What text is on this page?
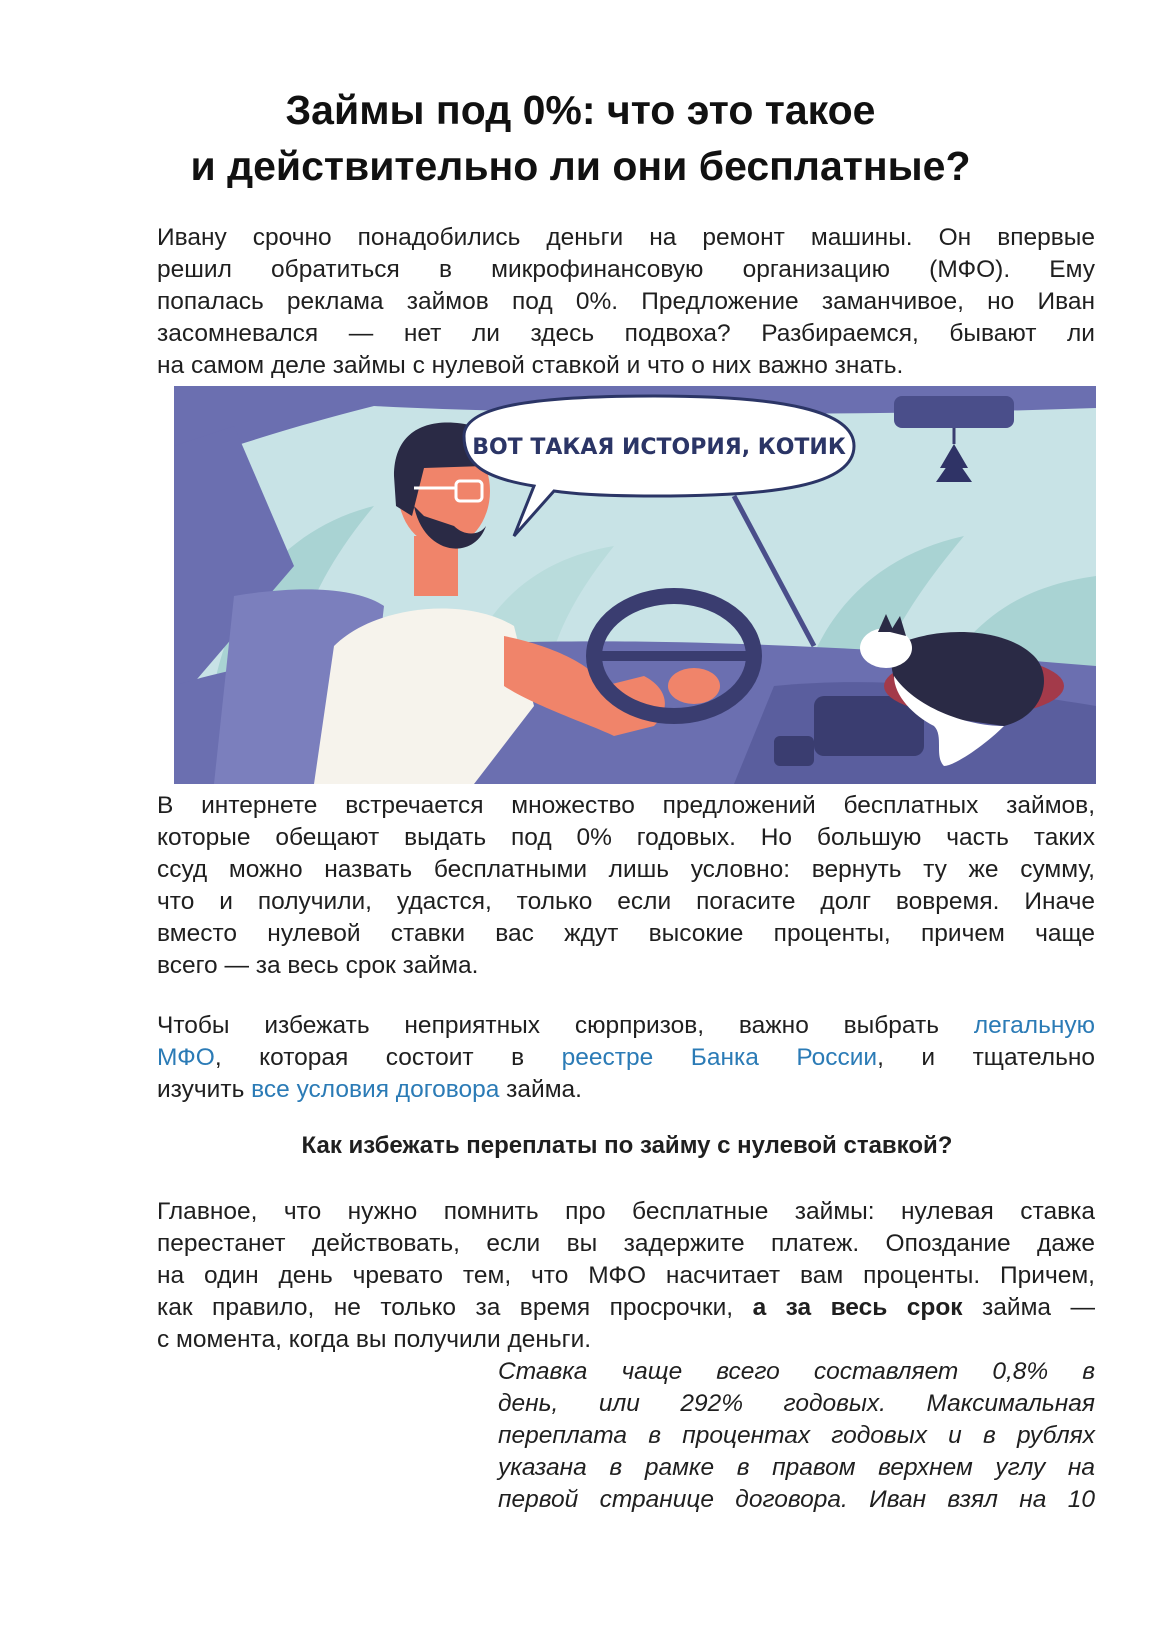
Займы под 0%: что это такое
и действительно ли они бесплатные?
Ивану срочно понадобились деньги на ремонт машины. Он впервые
решил обратиться в микрофинансовую организацию (МФО). Ему
попалась реклама займов под 0%. Предложение заманчивое, но Иван
засомневался — нет ли здесь подвоха? Разбираемся, бывают ли
на самом деле займы с нулевой ставкой и что о них важно знать.
ВОТ ТАКАЯ ИСТОРИЯ, КОТИК
В интернете встречается множество предложений бесплатных займов,
которые обещают выдать под 0% годовых. Но большую часть таких
ссуд можно назвать бесплатными лишь условно: вернуть ту же сумму,
что и получили, удастся, только если погасите долг вовремя. Иначе
вместо нулевой ставки вас ждут высокие проценты, причем чаще
всего — за весь срок займа.
Чтобы избежать неприятных сюрпризов, важно выбрать легальную
МФО, которая состоит в реестре Банка России, и тщательно
изучить все условия договора займа.
Как избежать переплаты по займу с нулевой ставкой?
Главное, что нужно помнить про бесплатные займы: нулевая ставка
перестанет действовать, если вы задержите платеж. Опоздание даже
на один день чревато тем, что МФО насчитает вам проценты. Причем,
как правило, не только за время просрочки, а за весь срок займа —
с момента, когда вы получили деньги.
Ставка чаще всего составляет 0,8% в
день, или 292% годовых. Максимальная
переплата в процентах годовых и в рублях
указана в рамке в правом верхнем углу на
первой странице договора. Иван взял на 10
